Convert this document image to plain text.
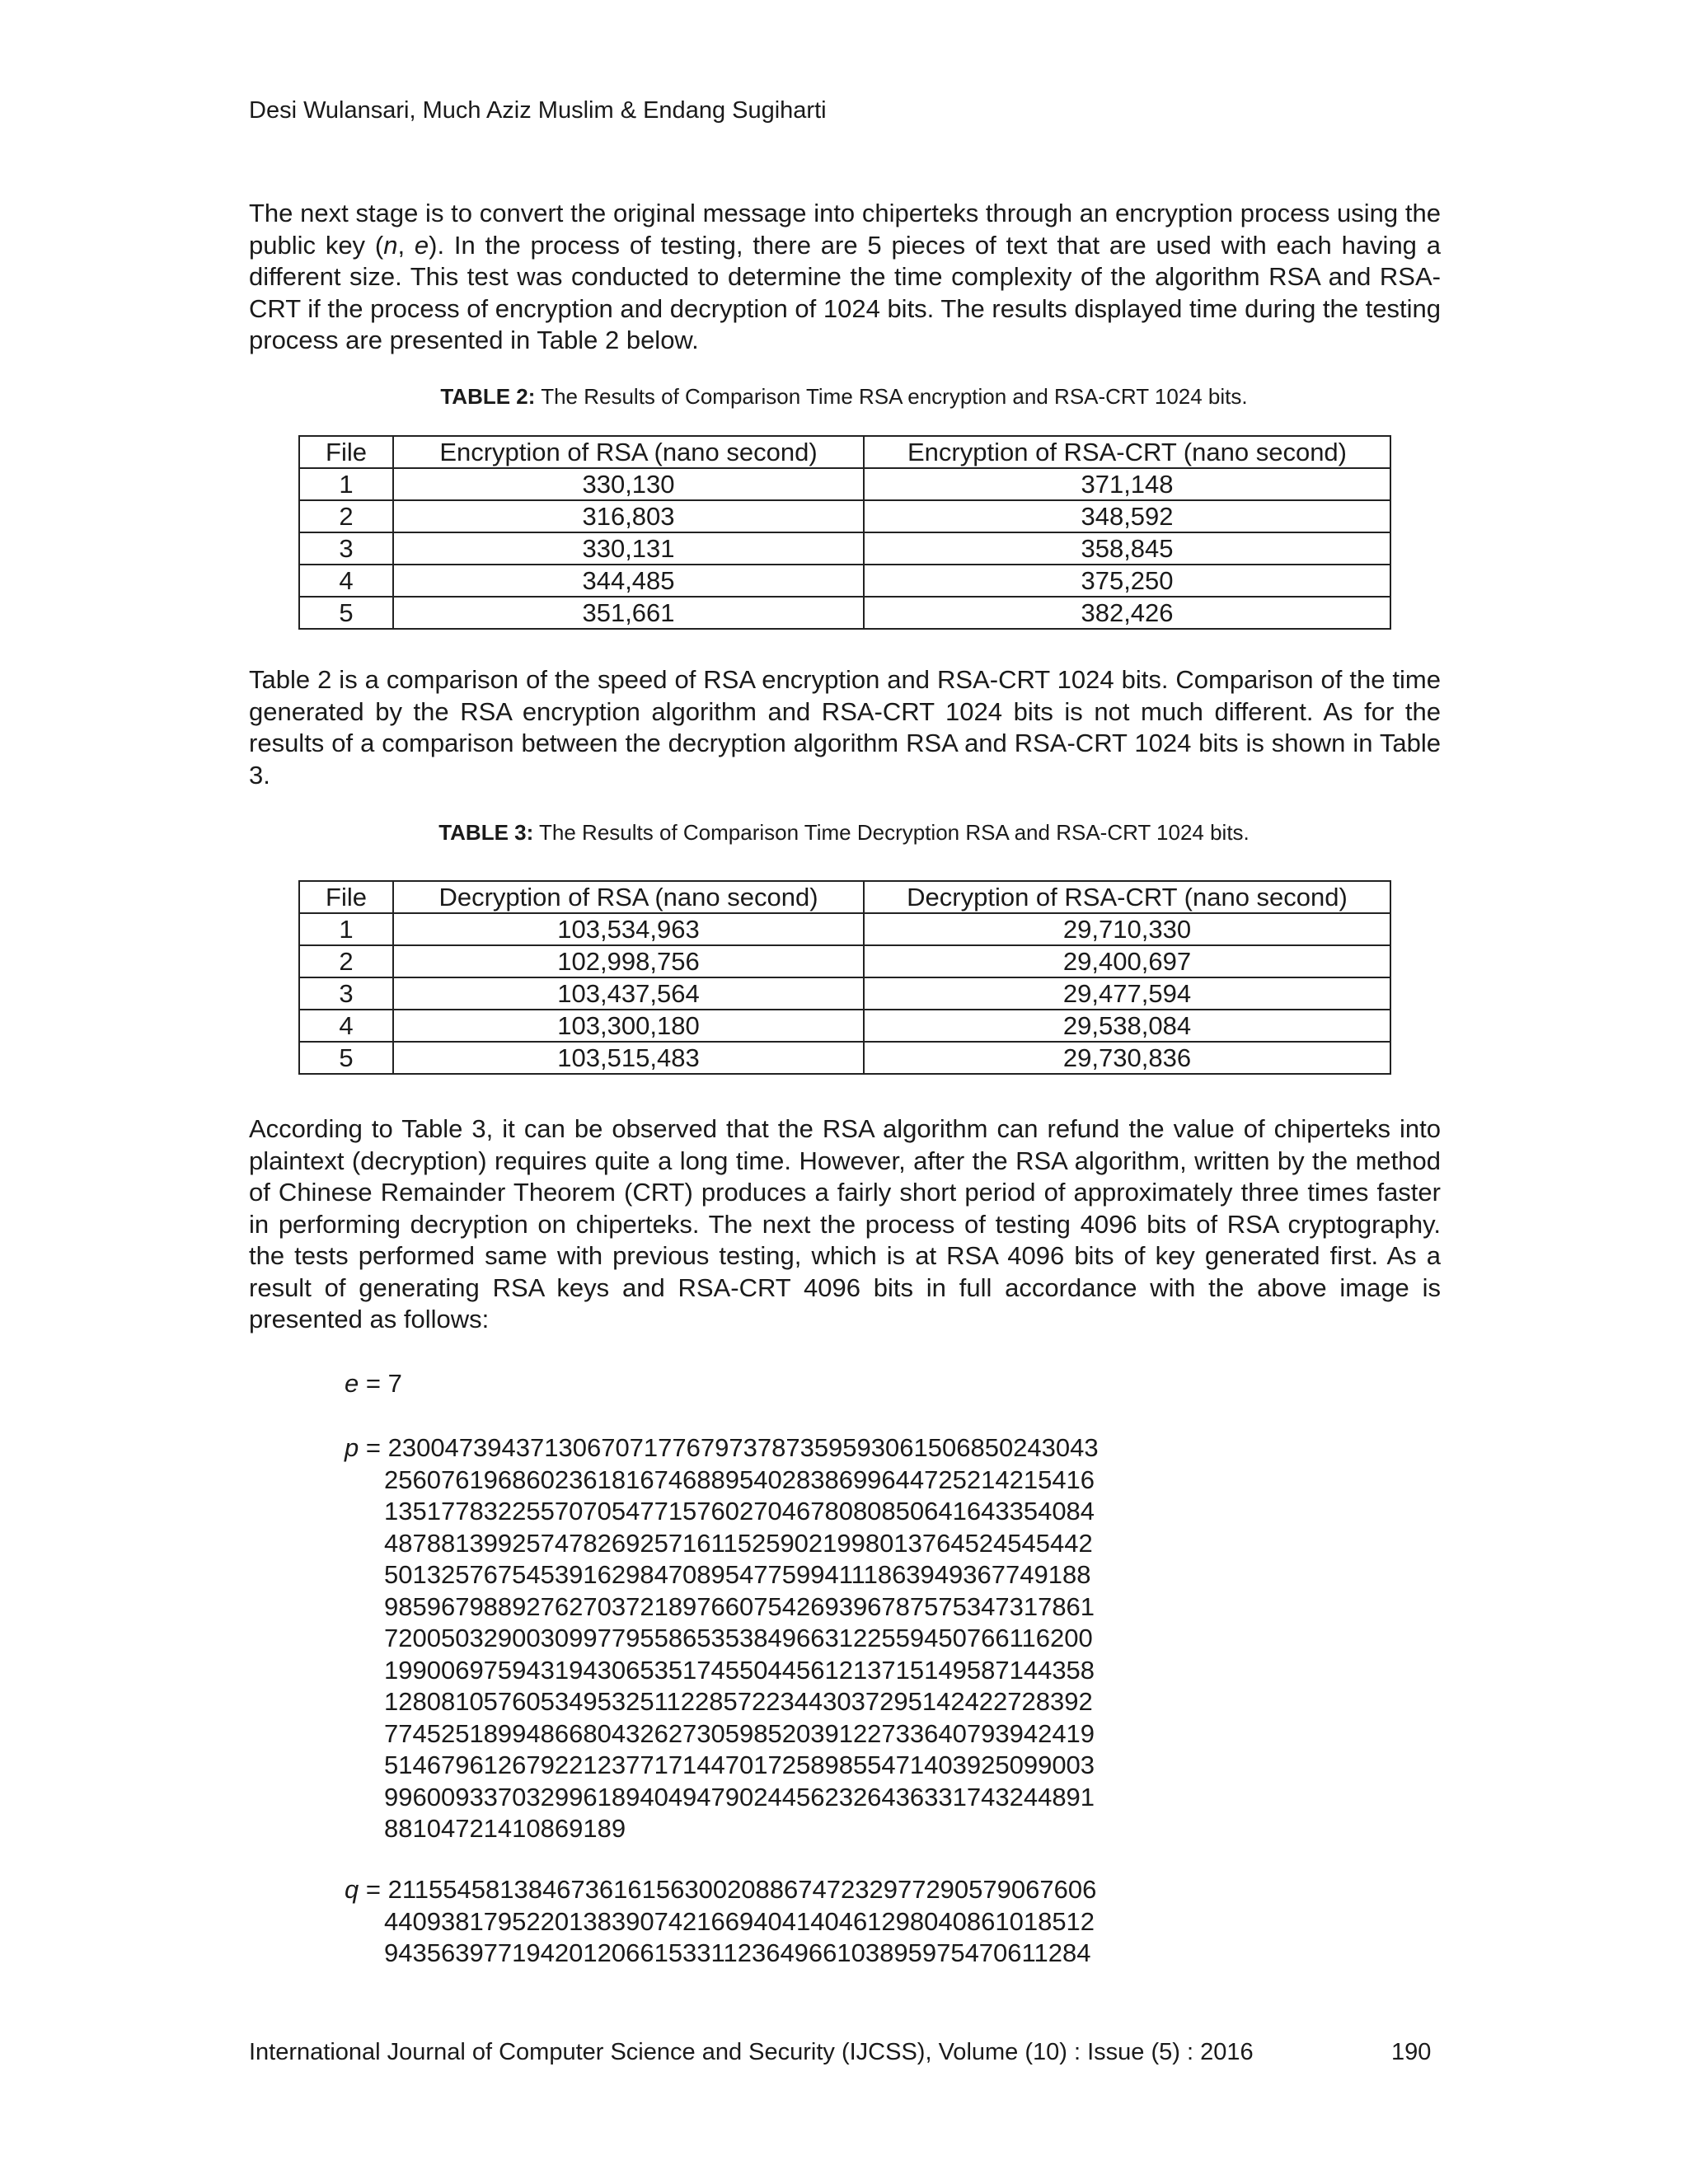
Desi Wulansari, Much Aziz Muslim & Endang Sugiharti

The next stage is to convert the original message into chiperteks through an encryption process using the public key (n, e). In the process of testing, there are 5 pieces of text that are used with each having a different size. This test was conducted to determine the time complexity of the algorithm RSA and RSA-CRT if the process of encryption and decryption of 1024 bits. The results displayed time during the testing process are presented in Table 2 below.

TABLE 2: The Results of Comparison Time RSA encryption and RSA-CRT 1024 bits.
File	Encryption of RSA (nano second)	Encryption of RSA-CRT (nano second)
1	330,130	371,148
2	316,803	348,592
3	330,131	358,845
4	344,485	375,250
5	351,661	382,426

Table 2 is a comparison of the speed of RSA encryption and RSA-CRT 1024 bits. Comparison of the time generated by the RSA encryption algorithm and RSA-CRT 1024 bits is not much different. As for the results of a comparison between the decryption algorithm RSA and RSA-CRT 1024 bits is shown in Table 3.

TABLE 3: The Results of Comparison Time Decryption RSA and RSA-CRT 1024 bits.
File	Decryption of RSA (nano second)	Decryption of RSA-CRT (nano second)
1	103,534,963	29,710,330
2	102,998,756	29,400,697
3	103,437,564	29,477,594
4	103,300,180	29,538,084
5	103,515,483	29,730,836

According to Table 3, it can be observed that the RSA algorithm can refund the value of chiperteks into plaintext (decryption) requires quite a long time. However, after the RSA algorithm, written by the method of Chinese Remainder Theorem (CRT) produces a fairly short period of approximately three times faster in performing decryption on chiperteks. The next the process of testing 4096 bits of RSA cryptography. the tests performed same with previous testing, which is at RSA 4096 bits of key generated first. As a result of generating RSA keys and RSA-CRT 4096 bits in full accordance with the above image is presented as follows:

e = 7
p = 23004739437130670717767973787359593061506850243043
25607619686023618167468895402838699644725214215416
13517783225570705477157602704678080850641643354084
48788139925747826925716115259021998013764524545442
50132576754539162984708954775994111863949367749188
98596798892762703721897660754269396787575347317861
72005032900309977955865353849663122559450766116200
19900697594319430653517455044561213715149587144358
12808105760534953251122857223443037295142422728392
77452518994866804326273059852039122733640793942419
51467961267922123771714470172589855471403925099003
99600933703299618940494790244562326436331743244891
88104721410869189
q = 21155458138467361615630020886747232977290579067606
44093817952201383907421669404140461298040861018512
94356397719420120661533112364966103895975470611284
International Journal of Computer Science and Security (IJCSS), Volume (10) : Issue (5) : 2016	190
